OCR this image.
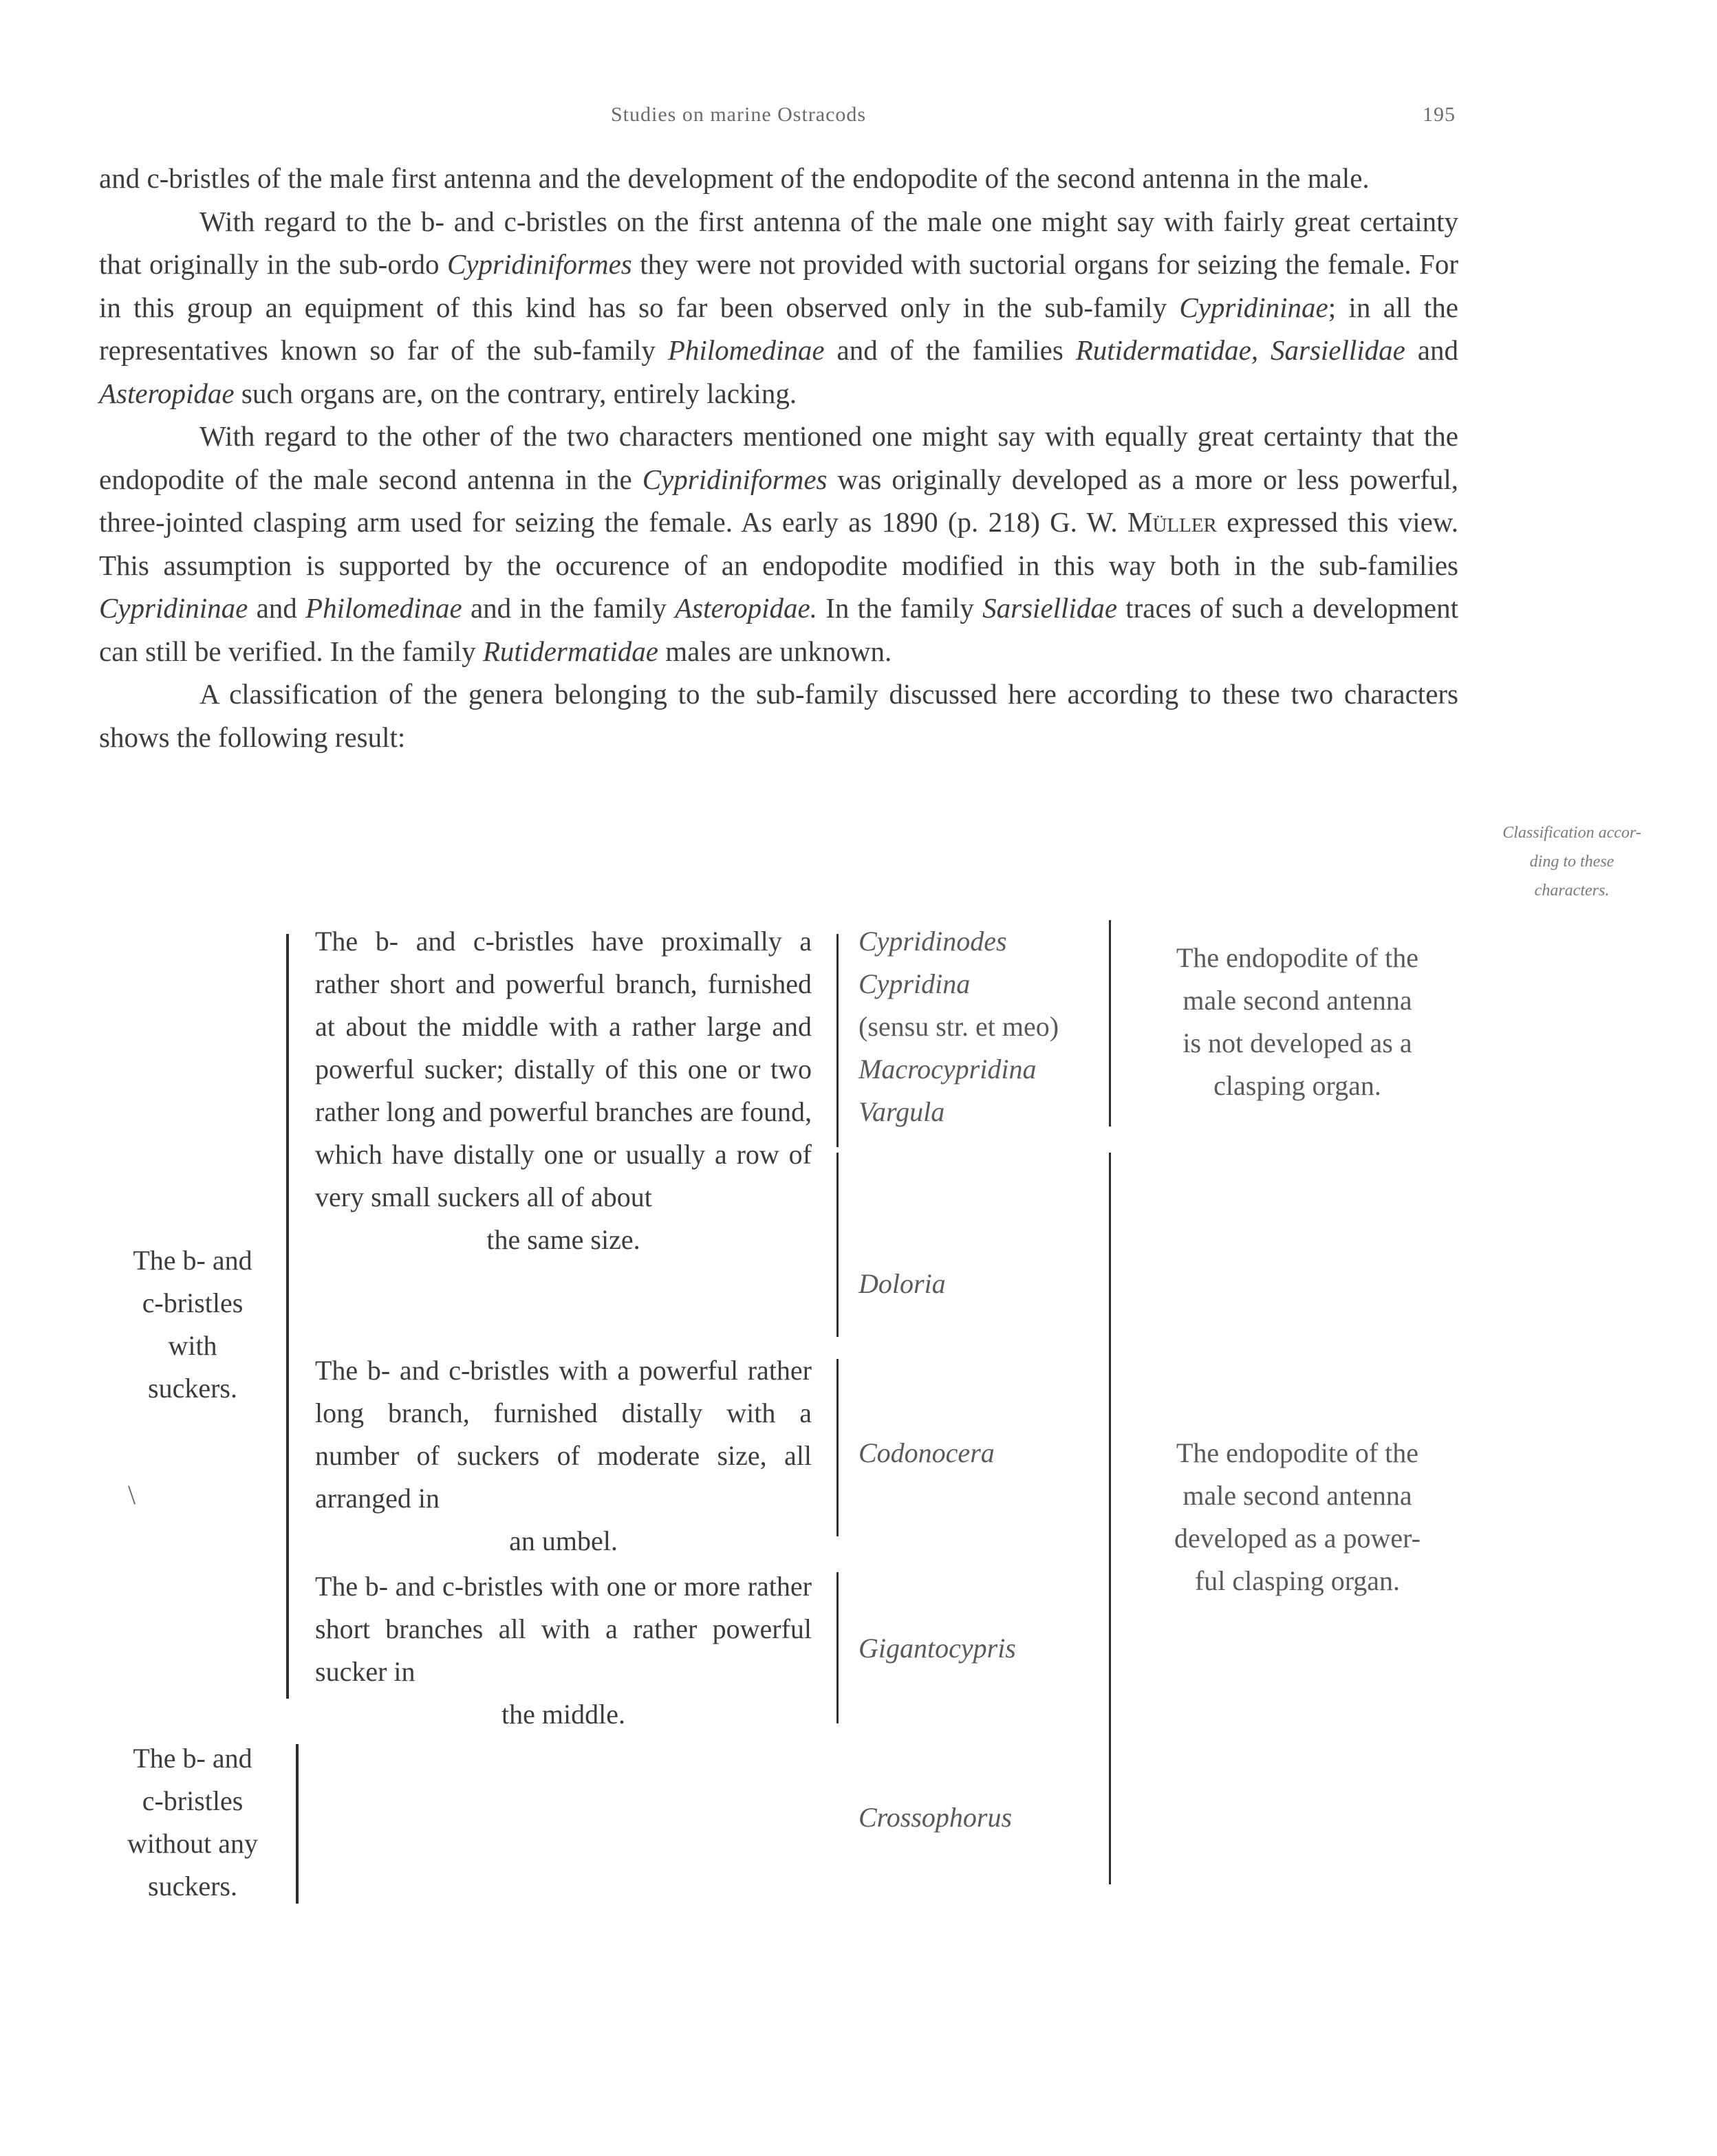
Studies on marine Ostracods	195

and c-bristles of the male first antenna and the development of the endopodite of the second antenna in the male.

With regard to the b- and c-bristles on the first antenna of the male one might say with fairly great certainty that originally in the sub-ordo Cypridiniformes they were not provided with suctorial organs for seizing the female. For in this group an equipment of this kind has so far been observed only in the sub-family Cypridininae; in all the representatives known so far of the sub-family Philomedinae and of the families Rutidermatidae, Sarsiellidae and Asteropidae such organs are, on the contrary, entirely lacking.

With regard to the other of the two characters mentioned one might say with equally great certainty that the endopodite of the male second antenna in the Cypridiniformes was originally developed as a more or less powerful, three-jointed clasping arm used for seizing the female. As early as 1890 (p. 218) G. W. Müller expressed this view. This assumption is supported by the occurence of an endopodite modified in this way both in the sub-families Cypridininae and Philomedinae and in the family Asteropidae. In the family Sarsiellidae traces of such a development can still be verified. In the family Rutidermatidae males are unknown.

A classification of the genera belonging to the sub-family discussed here according to these two characters shows the following result:

Classification accor-
ding to these
characters.
The b- and
c-bristles
with
suckers.
\
The b- and
c-bristles
without any
suckers.
The b- and c-bristles have proximally a rather short and powerful branch, furnished at about the middle with a rather large and powerful sucker; distally of this one or two rather long and powerful branches are found, which have distally one or usually a row of very small suckers all of about
the same size.
The b- and c-bristles with a powerful rather long branch, furnished distally with a number of suckers of moderate size, all arranged in
an umbel.
The b- and c-bristles with one or more rather short branches all with a rather powerful sucker in
the middle.
Cypridinodes
Cypridina
(sensu str. et meo)
Macrocypridina
Vargula
Doloria
Codonocera
Gigantocypris
Crossophorus
The endopodite of the
male second antenna
is not developed as a
clasping organ.
The endopodite of the
male second antenna
developed as a power-
ful clasping organ.
